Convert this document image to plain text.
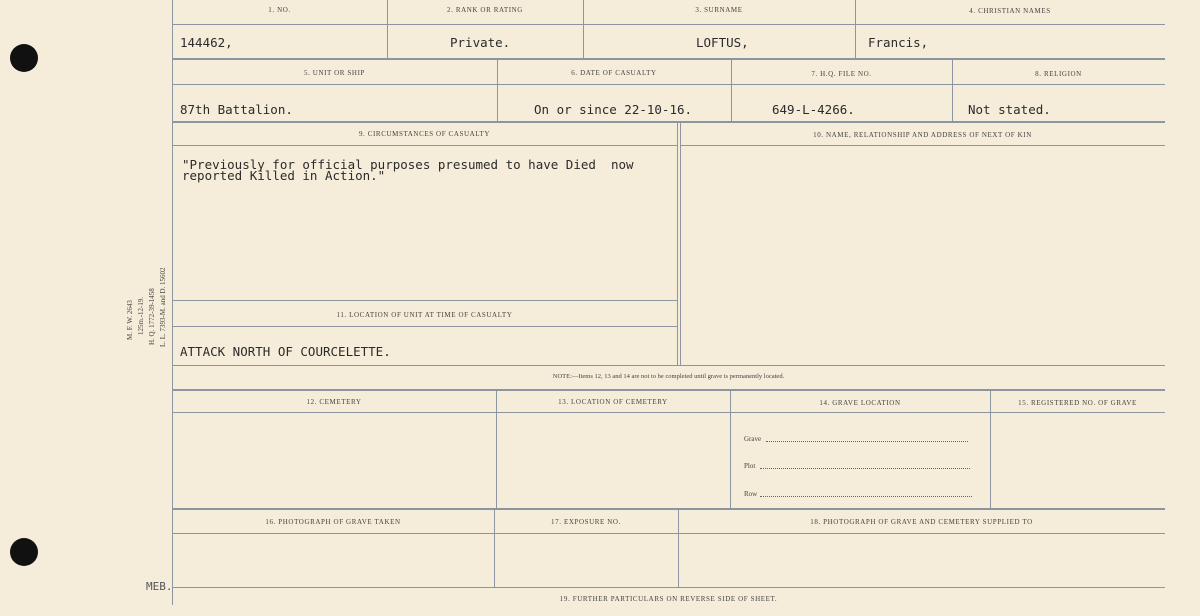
M. F. W. 2643 125m.-12-19. H. Q. 1772-39-1458 L. L. 7393-M. and D. 15602
1. NO.	2. RANK OR RATING	3. SURNAME	4. CHRISTIAN NAMES
144462,	Private.	LOFTUS,	Francis,
5. UNIT OR SHIP	6. DATE OF CASUALTY	7. H.Q. FILE NO.	8. RELIGION
87th Battalion.	On or since 22-10-16.	649-L-4266.	Not stated.
9. CIRCUMSTANCES OF CASUALTY	10. NAME, RELATIONSHIP AND ADDRESS OF NEXT OF KIN
"Previously for official purposes presumed to have Died  now
reported Killed in Action."
11. LOCATION OF UNIT AT TIME OF CASUALTY
ATTACK NORTH OF COURCELETTE.
NOTE:—Items 12, 13 and 14 are not to be completed until grave is permanently located.
12. CEMETERY	13. LOCATION OF CEMETERY	14. GRAVE LOCATION	15. REGISTERED NO. OF GRAVE
Grave
Plot
Row
16. PHOTOGRAPH OF GRAVE TAKEN	17. EXPOSURE NO.	18. PHOTOGRAPH OF GRAVE AND CEMETERY SUPPLIED TO
19. FURTHER PARTICULARS ON REVERSE SIDE OF SHEET.
MEB.
